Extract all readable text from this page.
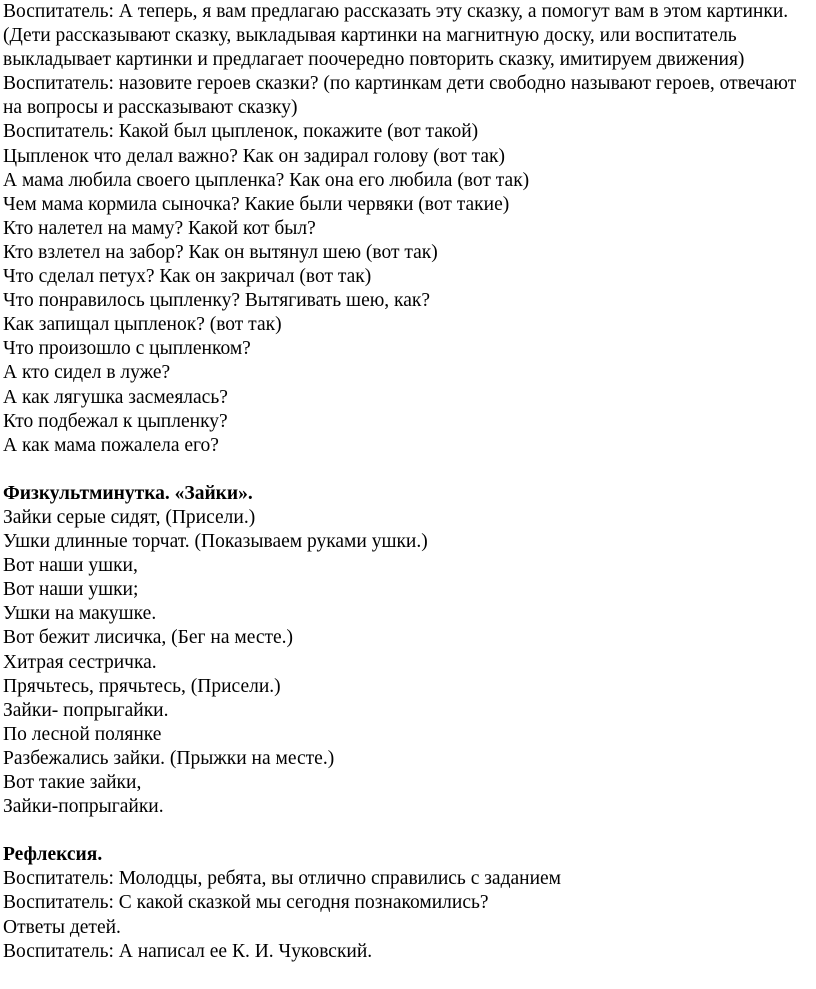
Воспитатель: А теперь, я вам предлагаю рассказать эту сказку, а помогут вам в этом картинки.
(Дети рассказывают сказку, выкладывая картинки на магнитную доску, или воспитатель выкладывает картинки и предлагает поочередно повторить сказку, имитируем движения)
Воспитатель: назовите героев сказки? (по картинкам дети свободно называют героев, отвечают на вопросы и рассказывают сказку)
Воспитатель: Какой был цыпленок, покажите (вот такой)
Цыпленок что делал важно? Как он задирал голову (вот так)
А мама любила своего цыпленка? Как она его любила (вот так)
Чем мама кормила сыночка? Какие были червяки (вот такие)
Кто налетел на маму? Какой кот был?
Кто взлетел на забор? Как он вытянул шею (вот так)
Что сделал петух? Как он закричал (вот так)
Что понравилось цыпленку? Вытягивать шею, как?
Как запищал цыпленок? (вот так)
Что произошло с цыпленком?
А кто сидел в луже?
А как лягушка засмеялась?
Кто подбежал к цыпленку?
А как мама пожалела его?
Физкультминутка. «Зайки».
Зайки серые сидят, (Присели.)
Ушки длинные торчат. (Показываем руками ушки.)
Вот наши ушки,
Вот наши ушки;
Ушки на макушке.
Вот бежит лисичка, (Бег на месте.)
Хитрая сестричка.
Прячьтесь, прячьтесь, (Присели.)
Зайки- попрыгайки.
По лесной полянке
Разбежались зайки. (Прыжки на месте.)
Вот такие зайки,
Зайки-попрыгайки.
Рефлексия.
Воспитатель: Молодцы, ребята, вы отлично справились с заданием
Воспитатель: С какой сказкой мы сегодня познакомились?
Ответы детей.
Воспитатель: А написал ее К. И. Чуковский.
